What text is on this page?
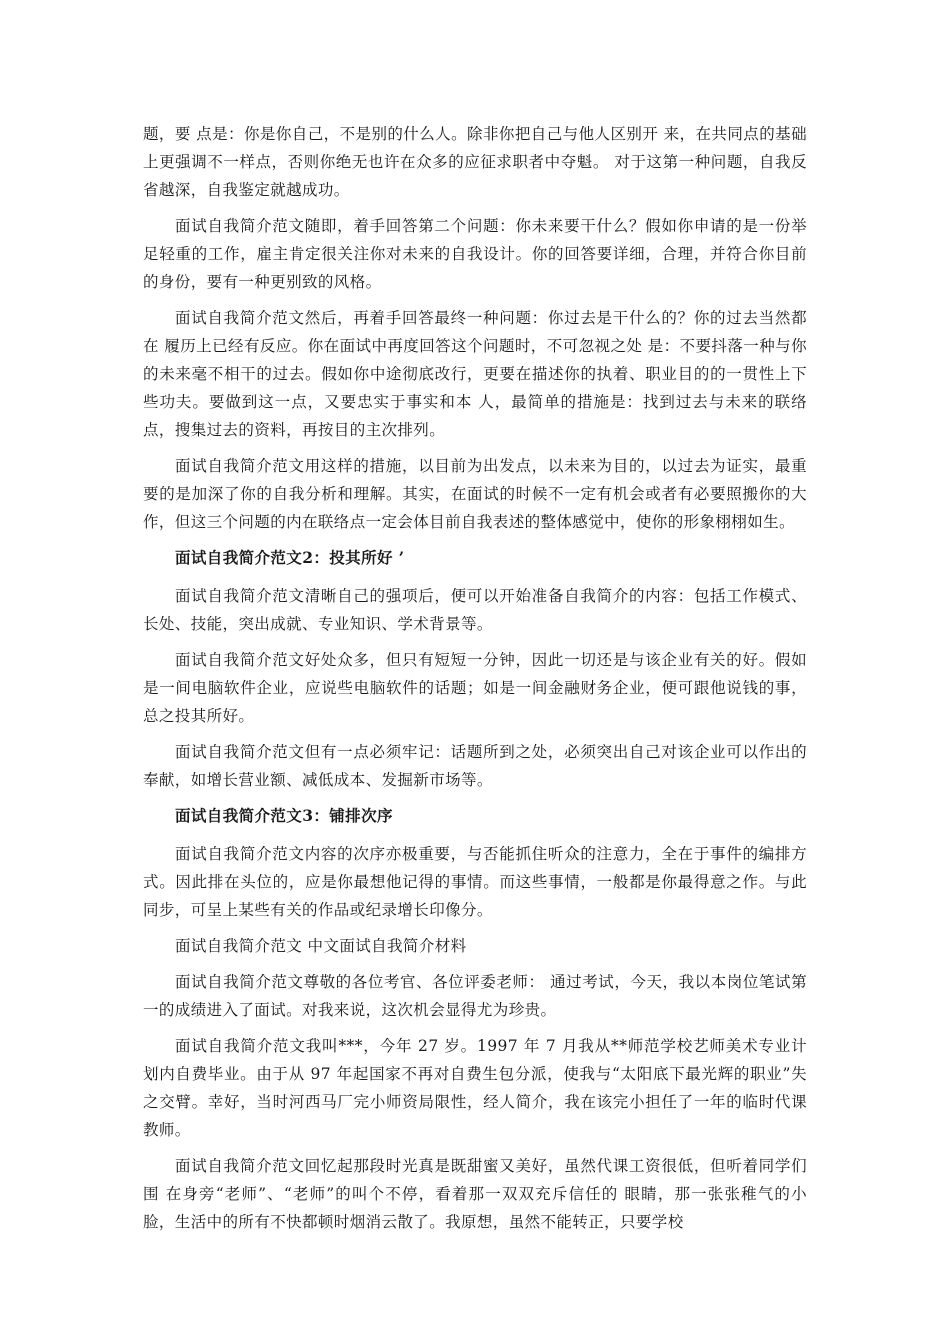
题，要 点是：你是你自己，不是别的什么人。除非你把自己与他人区别开 来，在共同点的基础上更强调不一样点，否则你绝无也许在众多的应征求职者中夺魁。 对于这第一种问题，自我反省越深，自我鉴定就越成功。

面试自我简介范文随即，着手回答第二个问题：你未来要干什么？假如你申请的是一份举足轻重的工作，雇主肯定很关注你对未来的自我设计。你的回答要详细，合理，并符合你目前的身份，要有一种更别致的风格。

面试自我简介范文然后，再着手回答最终一种问题：你过去是干什么的？你的过去当然都在 履历上已经有反应。你在面试中再度回答这个问题时，不可忽视之处 是：不要抖落一种与你的未来毫不相干的过去。假如你中途彻底改行，更要在描述你的执着、职业目的的一贯性上下些功夫。要做到这一点，又要忠实于事实和本 人，最简单的措施是：找到过去与未来的联络点，搜集过去的资料，再按目的主次排列。

面试自我简介范文用这样的措施，以目前为出发点，以未来为目的，以过去为证实，最重要的是加深了你的自我分析和理解。其实，在面试的时候不一定有机会或者有必要照搬你的大作，但这三个问题的内在联络点一定会体目前自我表述的整体感觉中，使你的形象栩栩如生。

面试自我简介范文2：投其所好 ’

面试自我简介范文清晰自己的强项后，便可以开始准备自我简介的内容：包括工作模式、长处、技能，突出成就、专业知识、学术背景等。

面试自我简介范文好处众多，但只有短短一分钟，因此一切还是与该企业有关的好。假如是一间电脑软件企业，应说些电脑软件的话题；如是一间金融财务企业，便可跟他说钱的事，总之投其所好。

面试自我简介范文但有一点必须牢记：话题所到之处，必须突出自己对该企业可以作出的奉献，如增长营业额、减低成本、发掘新市场等。

面试自我简介范文3：铺排次序

面试自我简介范文内容的次序亦极重要，与否能抓住听众的注意力，全在于事件的编排方式。因此排在头位的，应是你最想他记得的事情。而这些事情，一般都是你最得意之作。与此同步，可呈上某些有关的作品或纪录增长印像分。

面试自我简介范文 中文面试自我简介材料

面试自我简介范文尊敬的各位考官、各位评委老师： 通过考试，今天，我以本岗位笔试第一的成绩进入了面试。对我来说，这次机会显得尤为珍贵。

面试自我简介范文我叫***，今年 27 岁。1997 年 7 月我从**师范学校艺师美术专业计划内自费毕业。由于从 97 年起国家不再对自费生包分派，使我与“太阳底下最光辉的职业”失之交臂。幸好，当时河西马厂完小师资局限性，经人简介，我在该完小担任了一年的临时代课教师。

面试自我简介范文回忆起那段时光真是既甜蜜又美好，虽然代课工资很低，但听着同学们围 在身旁“老师”、“老师”的叫个不停，看着那一双双充斥信任的 眼睛，那一张张稚气的小脸，生活中的所有不快都顿时烟消云散了。我原想，虽然不能转正，只要学校
